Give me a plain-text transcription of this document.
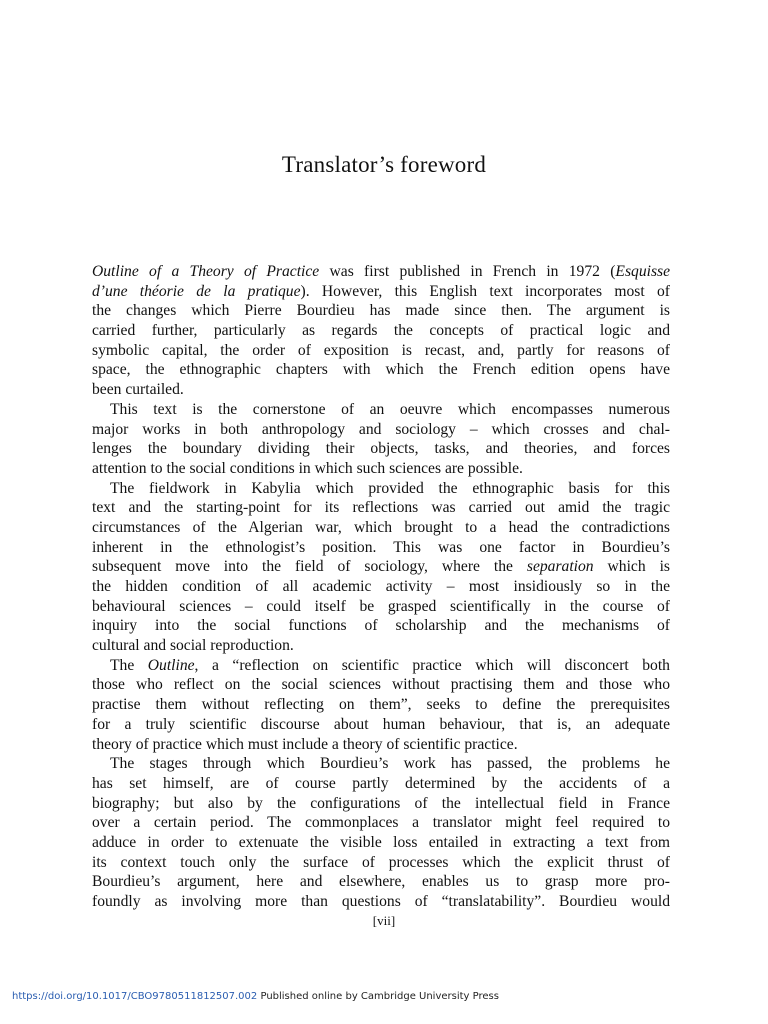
Translator’s foreword
Outline of a Theory of Practice was first published in French in 1972 (Esquisse
d’une théorie de la pratique). However, this English text incorporates most of
the changes which Pierre Bourdieu has made since then. The argument is
carried further, particularly as regards the concepts of practical logic and
symbolic capital, the order of exposition is recast, and, partly for reasons of
space, the ethnographic chapters with which the French edition opens have
been curtailed.
This text is the cornerstone of an oeuvre which encompasses numerous
major works in both anthropology and sociology – which crosses and chal-
lenges the boundary dividing their objects, tasks, and theories, and forces
attention to the social conditions in which such sciences are possible.
The fieldwork in Kabylia which provided the ethnographic basis for this
text and the starting-point for its reflections was carried out amid the tragic
circumstances of the Algerian war, which brought to a head the contradictions
inherent in the ethnologist’s position. This was one factor in Bourdieu’s
subsequent move into the field of sociology, where the separation which is
the hidden condition of all academic activity – most insidiously so in the
behavioural sciences – could itself be grasped scientifically in the course of
inquiry into the social functions of scholarship and the mechanisms of
cultural and social reproduction.
The Outline, a “reflection on scientific practice which will disconcert both
those who reflect on the social sciences without practising them and those who
practise them without reflecting on them”, seeks to define the prerequisites
for a truly scientific discourse about human behaviour, that is, an adequate
theory of practice which must include a theory of scientific practice.
The stages through which Bourdieu’s work has passed, the problems he
has set himself, are of course partly determined by the accidents of a
biography; but also by the configurations of the intellectual field in France
over a certain period. The commonplaces a translator might feel required to
adduce in order to extenuate the visible loss entailed in extracting a text from
its context touch only the surface of processes which the explicit thrust of
Bourdieu’s argument, here and elsewhere, enables us to grasp more pro-
foundly as involving more than questions of “translatability”. Bourdieu would
[vii]
https://doi.org/10.1017/CBO9780511812507.002 Published online by Cambridge University Press
